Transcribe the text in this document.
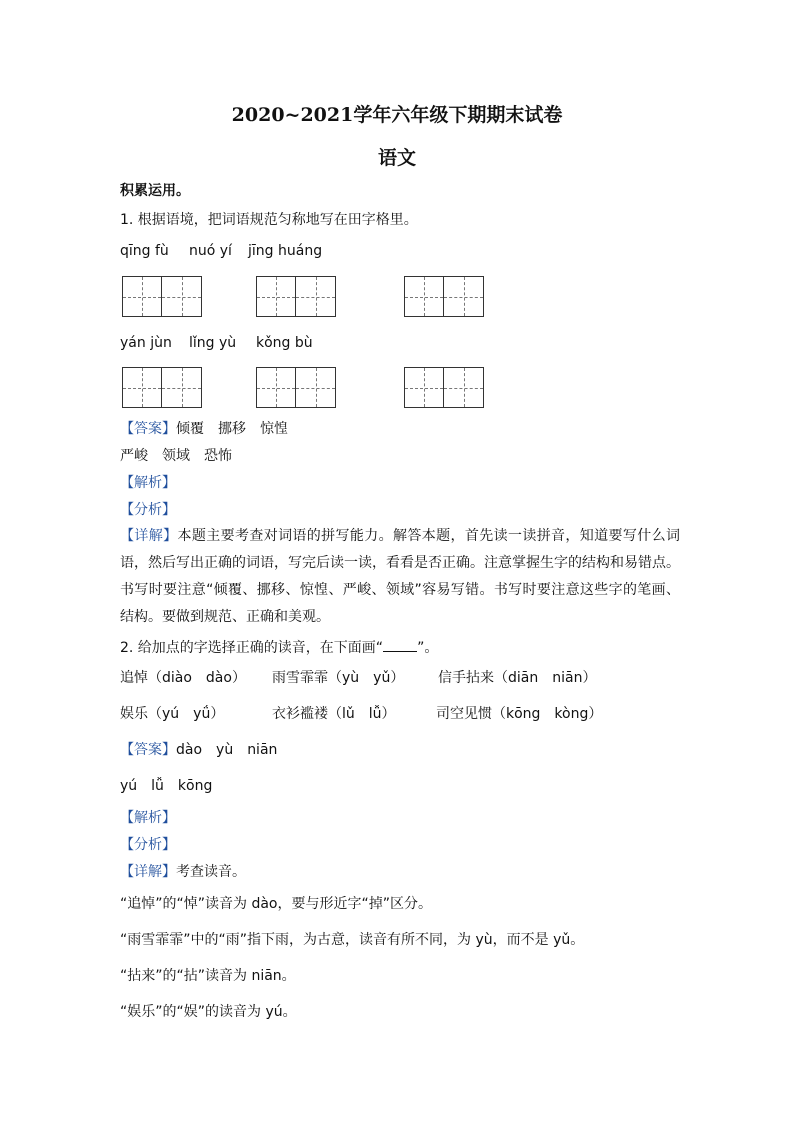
2020~2021学年六年级下期期末试卷
语文
积累运用。
1. 根据语境，把词语规范匀称地写在田字格里。
qīng fù nuó yí jīng huáng
yán jùn lǐng yù kǒng bù
【答案】倾覆　挪移　惊惶
严峻　领域　恐怖
【解析】
【分析】
【详解】本题主要考查对词语的拼写能力。解答本题，首先读一读拼音，知道要写什么词语，然后写出正确的词语，写完后读一读，看看是否正确。注意掌握生字的结构和易错点。书写时要注意“倾覆、挪移、惊惶、严峻、领域”容易写错。书写时要注意这些字的笔画、结构。要做到规范、正确和美观。
2. 给加点的字选择正确的读音，在下面画“ ”。
追悼（diào　dào） 雨雪霏霏（yù　yǔ） 信手拈来（diān　niān）
娱乐（yú　yǘ）	衣衫褴褛（lǔ　lǚ）	司空见惯（kōng　kòng）
【答案】dào　yù　niān
yú　lǚ　kōng
【解析】
【分析】
【详解】考查读音。
“追悼”的“悼”读音为 dào，要与形近字“掉”区分。
“雨雪霏霏”中的“雨”指下雨，为古意，读音有所不同，为 yù，而不是 yǔ。
“拈来”的“拈”读音为 niān。
“娱乐”的“娱”的读音为 yú。
